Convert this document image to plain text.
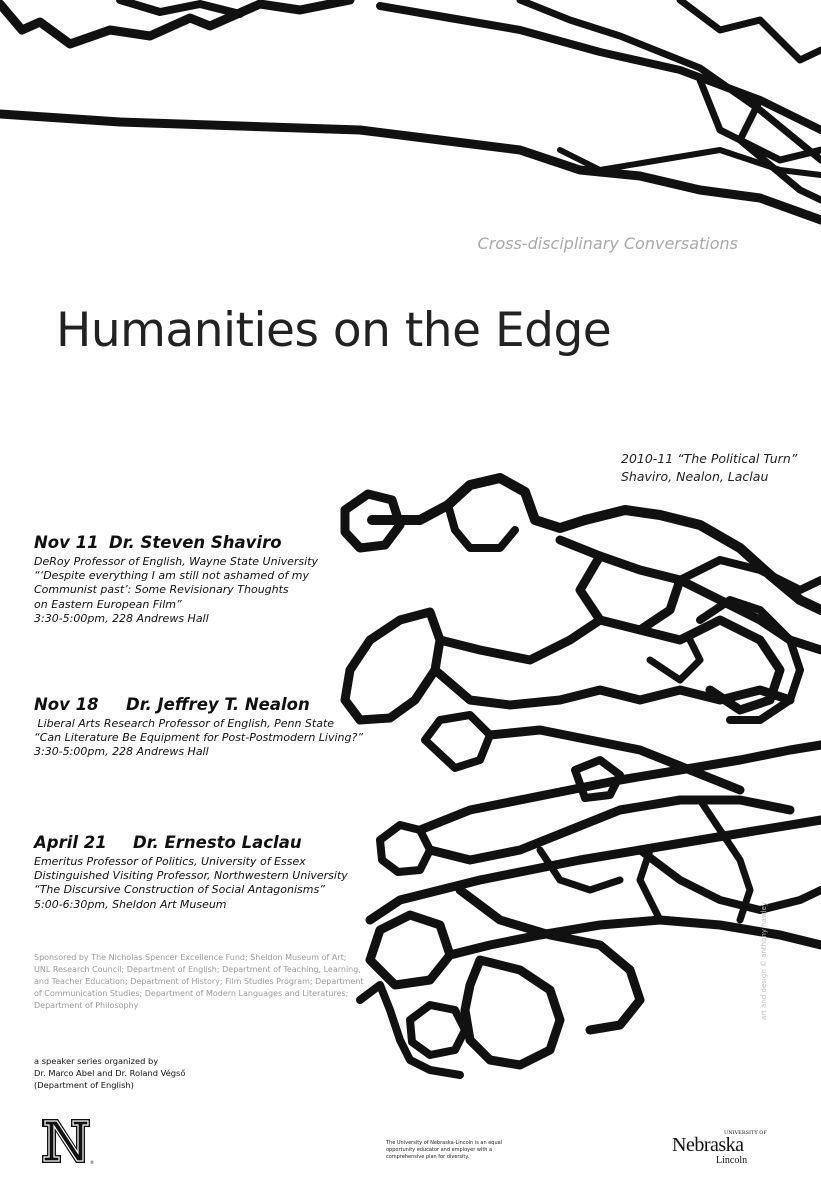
Cross-disciplinary Conversations
Humanities on the Edge
2010-11 “The Political Turn”
Shaviro, Nealon, Laclau
Nov 11 Dr. Steven Shaviro
DeRoy Professor of English, Wayne State University
“‘Despite everything I am still not ashamed of my
Communist past’: Some Revisionary Thoughts
on Eastern European Film”
3:30-5:00pm, 228 Andrews Hall
Nov 18 Dr. Jeffrey T. Nealon
Liberal Arts Research Professor of English, Penn State
“Can Literature Be Equipment for Post-Postmodern Living?”
3:30-5:00pm, 228 Andrews Hall
April 21 Dr. Ernesto Laclau
Emeritus Professor of Politics, University of Essex
Distinguished Visiting Professor, Northwestern University
“The Discursive Construction of Social Antagonisms”
5:00-6:30pm, Sheldon Art Museum
Sponsored by The Nicholas Spencer Excellence Fund; Sheldon Museum of Art; UNL Research Council; Department of English; Department of Teaching, Learning, and Teacher Education; Department of History; Film Studies Program; Department of Communication Studies; Department of Modern Languages and Literatures; Department of Philosophy
a speaker series organized by
Dr. Marco Abel and Dr. Roland Végső
(Department of English)
art and design © anthony hawley
®
The University of Nebraska-Lincoln is an equal opportunity educator and employer with a comprehensive plan for diversity.
UNIVERSITY OF
Nebraska
Lincoln
